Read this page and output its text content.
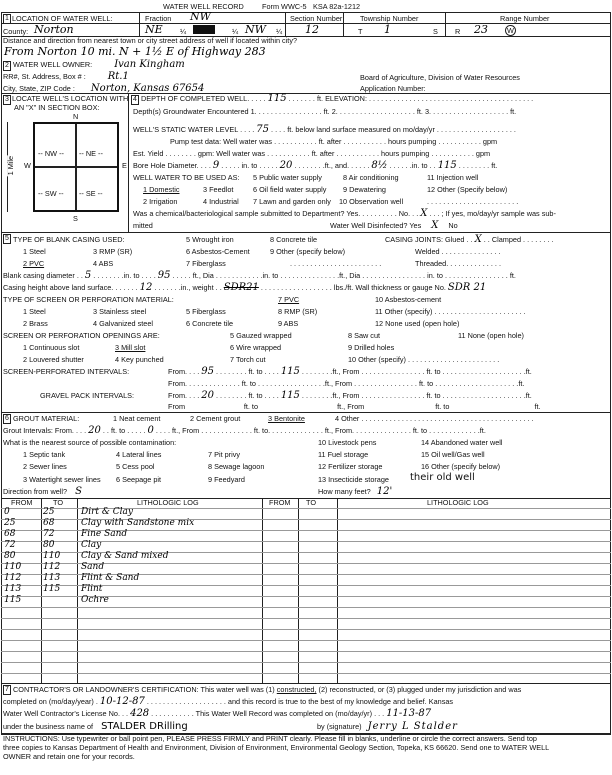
WATER WELL RECORD Form WWC-5 KSA 82a-1212
1 LOCATION OF WATER WELL:
County: Norton
Fraction NW
NE ¼	¼ NW ¼
Section Number
12
Township Number
T 1	S
Range Number
R 23	W
Distance and direction from nearest town or city street address of well if located within city?
From Norton 10 mi. N + 1½ E of Highway 283
2 WATER WELL OWNER: Ivan Kingham
RR#, St. Address, Box # : Rt.1
City, State, ZIP Code : Norton, Kansas 67654
Board of Agriculture, Division of Water Resources
Application Number:
3 LOCATE WELL'S LOCATION WITH
AN "X" IN SECTION BOX:
N
-- NW -- -- NE --
-- SW -- -- SE --
W	E
S
1 Mile
4 DEPTH OF COMPLETED WELL. . . . . 115 . . . . . . . ft. ELEVATION: . . . . . . . . . . . . . . . . . . . . . . . . . . . . . . . . . . . . . . . . .
Depth(s) Groundwater Encountered 1. . . . . . . . . . . . . . . . . ft. 2. . . . . . . . . . . . . . . . . . . . ft. 3. . . . . . . . . . . . . . . . . . . . ft.
WELL'S STATIC WATER LEVEL . . . . 75 . . . . ft. below land surface measured on mo/day/yr . . . . . . . . . . . . . . . . . . . .
Pump test data: Well water was . . . . . . . . . . . ft. after . . . . . . . . . . . hours pumping . . . . . . . . . . . gpm
Est. Yield . . . . . . . . gpm: Well water was . . . . . . . . . . . ft. after . . . . . . . . . . . hours pumping . . . . . . . . . . . gpm
Bore Hole Diameter. . . . 9 . . . . . in. to . . . . . 20 . . . . . . . .ft., and. . . . . . 8½ . . . . . .in. to . . 115 . . . . . . . . ft.
WELL WATER TO BE USED AS: 5 Public water supply	8 Air conditioning	11 Injection well
1 Domestic	3 Feedlot	6 Oil field water supply 9 Dewatering	12 Other (Specify below)
2 Irrigation	4 Industrial 7 Lawn and garden only 10 Observation well	. . . . . . . . . . . . . . . . . . . . . . .
Was a chemical/bacteriological sample submitted to Department? Yes. . . . . . . . . . No. . . X . . . ; If yes, mo/day/yr sample was sub-
mitted	Water Well Disinfected? Yes X No
5 TYPE OF BLANK CASING USED:	5 Wrought iron	8 Concrete tile	CASING JOINTS: Glued . . X . . Clamped . . . . . . . .
1 Steel	3 RMP (SR)	6 Asbestos-Cement	9 Other (specify below)	Welded . . . . . . . . . . . . . . .
2 PVC	4 ABS	7 Fiberglass	. . . . . . . . . . . . . . . . . . . . . . .	Threaded. . . . . . . . . . . . . .
Blank casing diameter . . 5 . . . . . . . .in. to . . . . 95 . . . . . ft., Dia . . . . . . . . . . . .in. to . . . . . . . . . . . . . . .ft., Dia . . . . . . . . . . . . . . . . in. to . . . . . . . . . . . . . . . . ft.
Casing height above land surface. . . . . . . 12 . . . . . . .in., weight . . SDR21 . . . . . . . . . . . . . . . . . . lbs./ft. Wall thickness or gauge No. SDR 21
TYPE OF SCREEN OR PERFORATION MATERIAL:	7 PVC	10 Asbestos-cement
1 Steel	3 Stainless steel	5 Fiberglass	8 RMP (SR)	11 Other (specify) . . . . . . . . . . . . . . . . . . . . . . .
2 Brass	4 Galvanized steel	6 Concrete tile	9 ABS	12 None used (open hole)
SCREEN OR PERFORATION OPENINGS ARE:	5 Gauzed wrapped	8 Saw cut	11 None (open hole)
1 Continuous slot	3 Mill slot	6 Wire wrapped	9 Drilled holes
2 Louvered shutter	4 Key punched	7 Torch cut	10 Other (specify) . . . . . . . . . . . . . . . . . . . . . . .
SCREEN-PERFORATED INTERVALS:	From. . . . 95 . . . . . . . . ft. to . . . . 115 . . . . . . . .ft., From . . . . . . . . . . . . . . . . ft. to . . . . . . . . . . . . . . . . . . . . .ft.
From. . . . . . . . . . . . . . ft. to . . . . . . . . . . . . . . . . .ft., From . . . . . . . . . . . . . . . . ft. to . . . . . . . . . . . . . . . . . . . . .ft.
GRAVEL PACK INTERVALS:	From. . . . 20 . . . . . . . . ft. to . . . . 115 . . . . . . . .ft., From . . . . . . . . . . . . . . . . ft. to . . . . . . . . . . . . . . . . . . . . .ft.
From                             ft. to                                       ft., From                                   ft. to                                          ft.
6 GROUT MATERIAL:	1 Neat cement	2 Cement grout	3 Bentonite	4 Other . . . . . . . . . . . . . . . . . . . . . . . . . . . . . . . . . . . . . . . . . . .
Grout Intervals: From. . . . 20 . . ft. to . . . . . 0 . . . . ft., From . . . . . . . . . . . . . ft. to. . . . . . . . . . . . . . ft., From. . . . . . . . . . . . . . . ft. to . . . . . . . . . . . . .ft.
What is the nearest source of possible contamination:	10 Livestock pens	14 Abandoned water well
1 Septic tank	4 Lateral lines	7 Pit privy	11 Fuel storage	15 Oil well/Gas well
2 Sewer lines	5 Cess pool	8 Sewage lagoon	12 Fertilizer storage	16 Other (specify below)
3 Watertight sewer lines 6 Seepage pit	9 Feedyard	13 Insecticide storage their old well
Direction from well? S	How many feet? 12'
FROM	TO	LITHOLOGIC LOG	FROM TO	LITHOLOGIC LOG
0	25	Dirt & Clay
25	68	Clay with Sandstone mix
68	72	Fine Sand
72	80	Clay
80	110 Clay & Sand mixed
110 112 Sand
112 113 Flint & Sand
113 115 Flint
115	Ochre
7 CONTRACTOR'S OR LANDOWNER'S CERTIFICATION: This water well was (1) constructed, (2) reconstructed, or (3) plugged under my jurisdiction and was
completed on (mo/day/year) . 10-12-87 . . . . . . . . . . . . . . . . . . . . and this record is true to the best of my knowledge and belief. Kansas
Water Well Contractor's License No. . . 428 . . . . . . . . . . . This Water Well Record was completed on (mo/day/yr) . . . 11-13-87
under the business name of STALDER DRilling	by (signature) Jerry L Stalder
INSTRUCTIONS: Use typewriter or ball point pen, PLEASE PRESS FIRMLY and PRINT clearly. Please fill in blanks, underline or circle the correct answers. Send top
three copies to Kansas Department of Health and Environment, Division of Environment, Environmental Geology Section, Topeka, KS 66620. Send one to WATER WELL
OWNER and retain one for your records.
